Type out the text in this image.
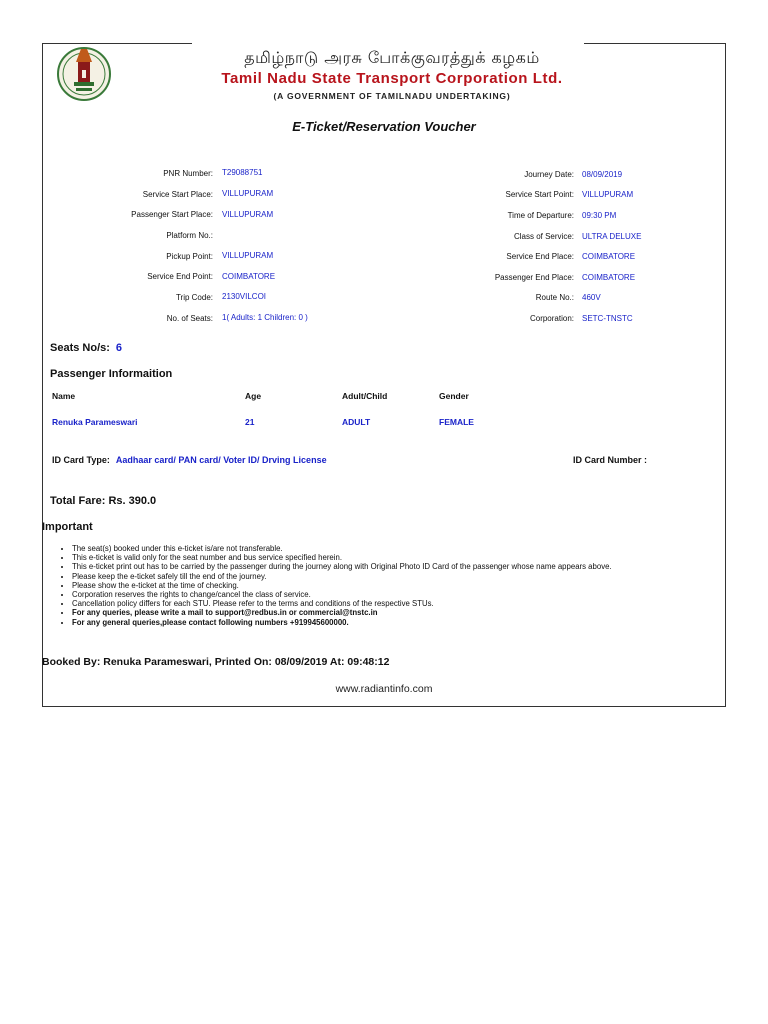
தமிழ்நாடு அரசு போக்குவரத்துக் கழகம்
Tamil Nadu State Transport Corporation Ltd.
(A GOVERNMENT OF TAMILNADU UNDERTAKING)
E-Ticket/Reservation Voucher
PNR Number: T29088751
Service Start Place: VILLUPURAM
Passenger Start Place: VILLUPURAM
Platform No.:
Pickup Point: VILLUPURAM
Service End Point: COIMBATORE
Trip Code: 2130VILCOI
No. of Seats: 1( Adults: 1 Children: 0 )
Journey Date: 08/09/2019
Service Start Point: VILLUPURAM
Time of Departure: 09:30 PM
Class of Service: ULTRA DELUXE
Service End Place: COIMBATORE
Passenger End Place: COIMBATORE
Route No.: 460V
Corporation: SETC-TNSTC
Seats No/s: 6
Passenger Informaition
Name	Age	Adult/Child	Gender
Renuka Parameswari	21	ADULT	FEMALE
ID Card Type: Aadhaar card/ PAN card/ Voter ID/ Drving License	ID Card Number :
Total Fare: Rs. 390.0
Important
• The seat(s) booked under this e-ticket is/are not transferable.
• This e-ticket is valid only for the seat number and bus service specified herein.
• This e-ticket print out has to be carried by the passenger during the journey along with Original Photo ID Card of the passenger whose name appears above.
• Please keep the e-ticket safely till the end of the journey.
• Please show the e-ticket at the time of checking.
• Corporation reserves the rights to change/cancel the class of service.
• Cancellation policy differs for each STU. Please refer to the terms and conditions of the respective STUs.
• For any queries, please write a mail to support@redbus.in or commercial@tnstc.in
• For any general queries,please contact following numbers +919945600000.
Booked By: Renuka Parameswari, Printed On: 08/09/2019 At: 09:48:12
www.radiantinfo.com
